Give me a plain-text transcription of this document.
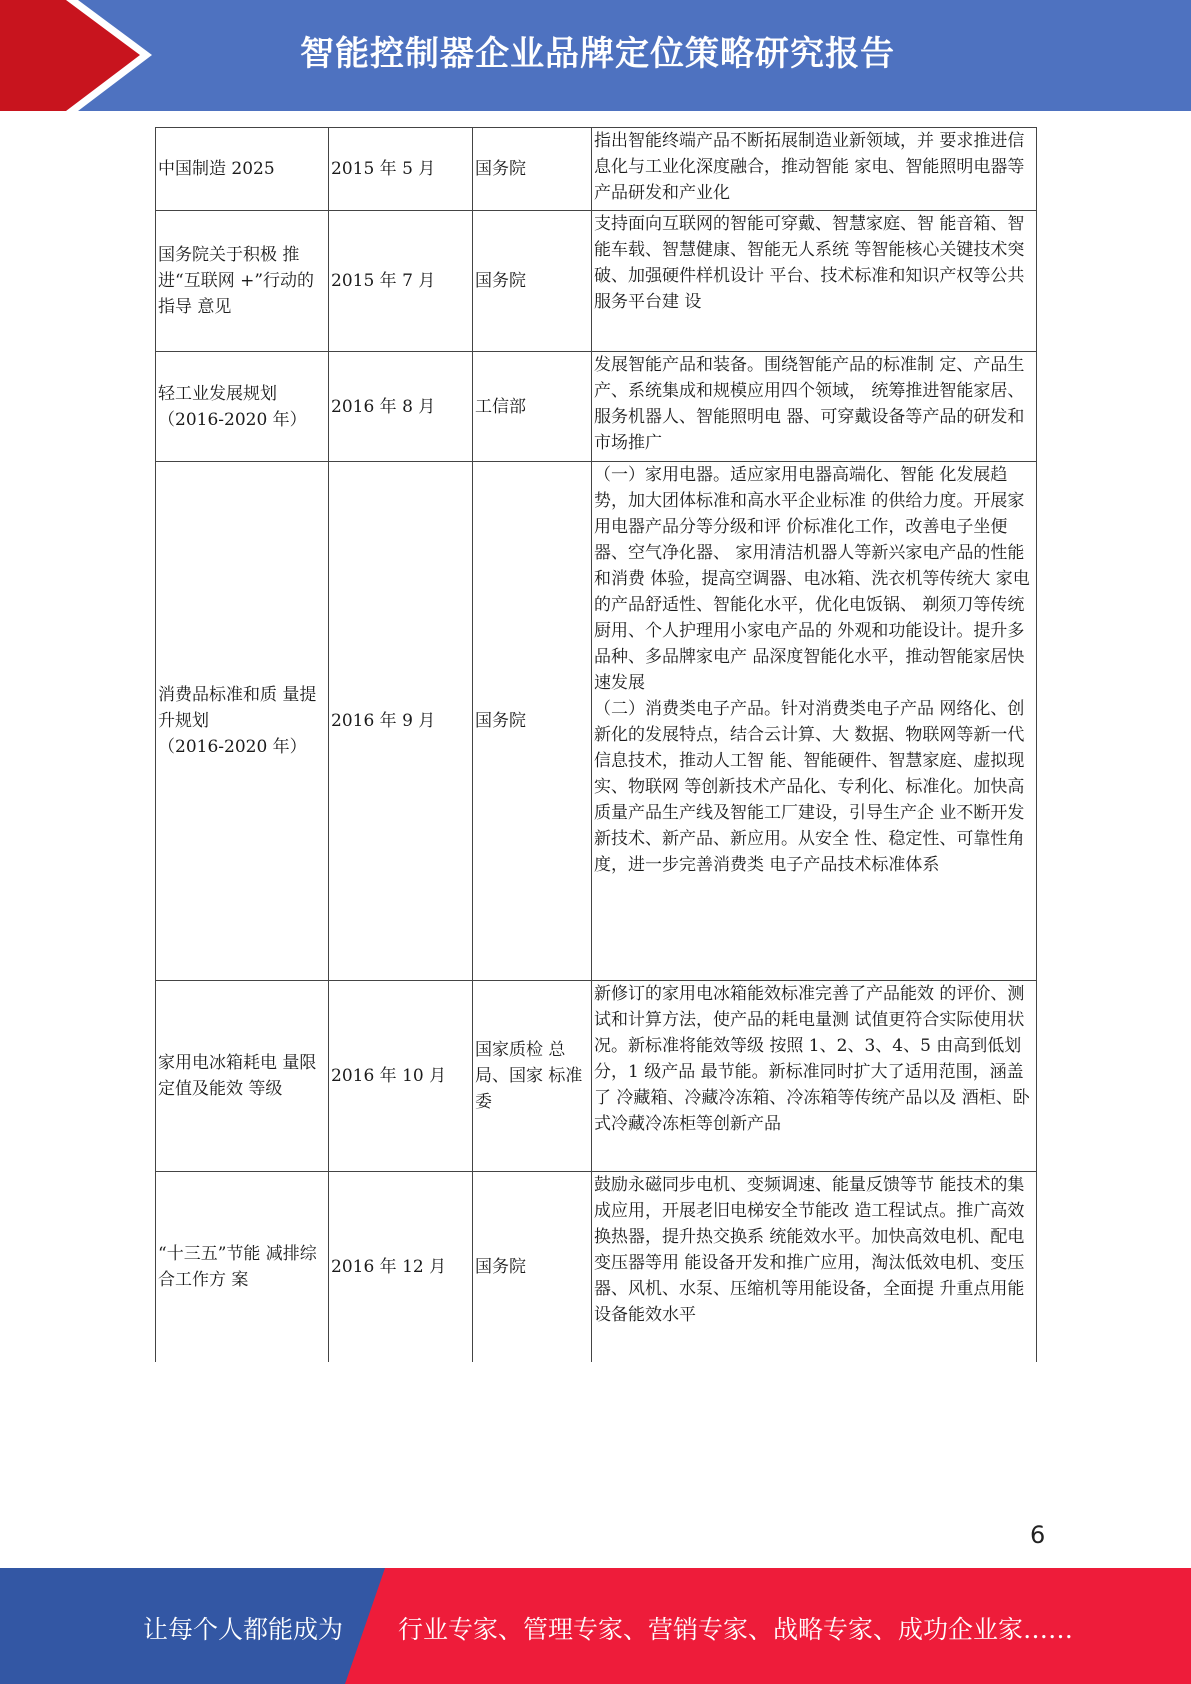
智能控制器企业品牌定位策略研究报告
中国制造 2025	2015 年 5 月	国务院	指出智能终端产品不断拓展制造业新领域，并 要求推进信息化与工业化深度融合，推动智能 家电、智能照明电器等产品研发和产业化
国务院关于积极 推进“互联网 +”行动的指导 意见	2015 年 7 月	国务院	支持面向互联网的智能可穿戴、智慧家庭、智 能音箱、智能车载、智慧健康、智能无人系统 等智能核心关键技术突破、加强硬件样机设计 平台、技术标准和知识产权等公共服务平台建 设
轻工业发展规划
（2016-2020 年）	2016 年 8 月	工信部	发展智能产品和装备。围绕智能产品的标准制 定、产品生产、系统集成和规模应用四个领域， 统筹推进智能家居、服务机器人、智能照明电 器、可穿戴设备等产品的研发和市场推广
消费品标准和质 量提升规划
（2016-2020 年）	2016 年 9 月	国务院	（一）家用电器。适应家用电器高端化、智能 化发展趋势，加大团体标准和高水平企业标准 的供给力度。开展家用电器产品分等分级和评 价标准化工作，改善电子坐便器、空气净化器、 家用清洁机器人等新兴家电产品的性能和消费 体验，提高空调器、电冰箱、洗衣机等传统大 家电的产品舒适性、智能化水平，优化电饭锅、 剃须刀等传统厨用、个人护理用小家电产品的 外观和功能设计。提升多品种、多品牌家电产 品深度智能化水平，推动智能家居快速发展
（二）消费类电子产品。针对消费类电子产品 网络化、创新化的发展特点，结合云计算、大 数据、物联网等新一代信息技术，推动人工智 能、智能硬件、智慧家庭、虚拟现实、物联网 等创新技术产品化、专利化、标准化。加快高 质量产品生产线及智能工厂建设，引导生产企 业不断开发新技术、新产品、新应用。从安全 性、稳定性、可靠性角度，进一步完善消费类 电子产品技术标准体系
家用电冰箱耗电 量限定值及能效 等级	2016 年 10 月	国家质检 总局、国家 标准委	新修订的家用电冰箱能效标准完善了产品能效 的评价、测试和计算方法，使产品的耗电量测 试值更符合实际使用状况。新标准将能效等级 按照 1、2、3、4、5 由高到低划分，1 级产品 最节能。新标准同时扩大了适用范围，涵盖了 冷藏箱、冷藏冷冻箱、冷冻箱等传统产品以及 酒柜、卧式冷藏冷冻柜等创新产品
“十三五”节能 减排综合工作方 案	2016 年 12 月	国务院	鼓励永磁同步电机、变频调速、能量反馈等节 能技术的集成应用，开展老旧电梯安全节能改 造工程试点。推广高效换热器，提升热交换系 统能效水平。加快高效电机、配电变压器等用 能设备开发和推广应用，淘汰低效电机、变压 器、风机、水泵、压缩机等用能设备，全面提 升重点用能设备能效水平
6
让每个人都能成为 行业专家、管理专家、营销专家、战略专家、成功企业家……
